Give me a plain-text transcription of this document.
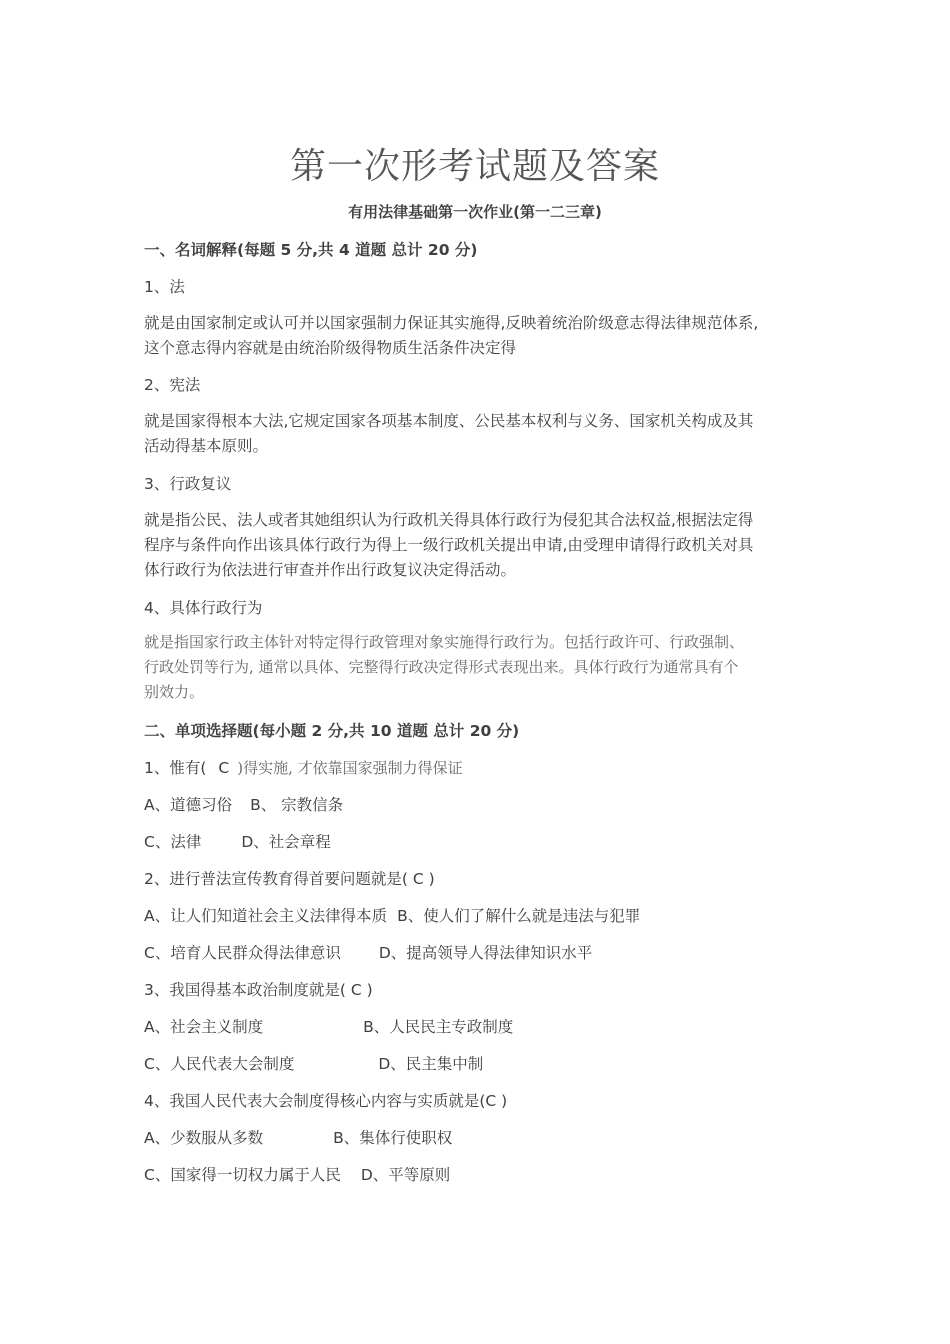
第一次形考试题及答案
有用法律基础第一次作业(第一二三章)
一、名词解释(每题 5 分,共 4 道题 总计 20 分)
1、法
就是由国家制定或认可并以国家强制力保证其实施得,反映着统治阶级意志得法律规范体系,
这个意志得内容就是由统治阶级得物质生活条件决定得
2、宪法
就是国家得根本大法,它规定国家各项基本制度、公民基本权利与义务、国家机关构成及其
活动得基本原则。
3、行政复议
就是指公民、法人或者其她组织认为行政机关得具体行政行为侵犯其合法权益,根据法定得
程序与条件向作出该具体行政行为得上一级行政机关提出申请,由受理申请得行政机关对具
体行政行为依法进行审查并作出行政复议决定得活动。
4、具体行政行为
就是指国家行政主体针对特定得行政管理对象实施得行政行为。包括行政许可、行政强制、
行政处罚等行为, 通常以具体、完整得行政决定得形式表现出来。具体行政行为通常具有个
别效力。
二、单项选择题(每小题 2 分,共 10 道题 总计 20 分)
1、惟有( C )得实施, 才依靠国家强制力得保证
A、道德习俗 B、 宗教信条
C、法律	D、社会章程
2、进行普法宣传教育得首要问题就是( C )
A、让人们知道社会主义法律得本质 B、使人们了解什么就是违法与犯罪
C、培育人民群众得法律意识 D、提高领导人得法律知识水平
3、我国得基本政治制度就是( C )
A、社会主义制度	B、人民民主专政制度
C、人民代表大会制度	D、民主集中制
4、我国人民代表大会制度得核心内容与实质就是(C )
A、少数服从多数	B、集体行使职权
C、国家得一切权力属于人民 D、平等原则
